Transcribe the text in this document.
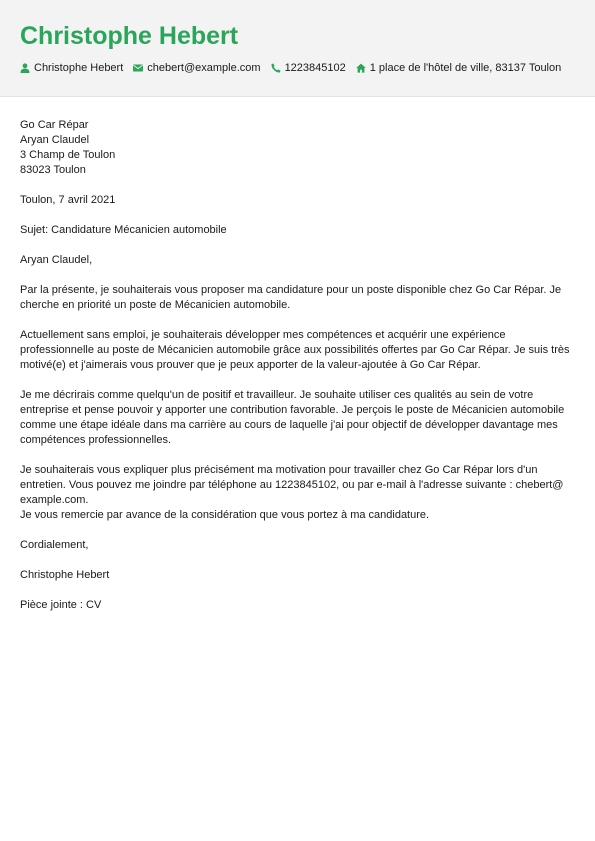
Christophe Hebert
Christophe Hebert chebert@example.com 1223845102 1 place de l'hôtel de ville, 83137 Toulon

Go Car Répar
Aryan Claudel
3 Champ de Toulon
83023 Toulon

Toulon, 7 avril 2021

Sujet: Candidature Mécanicien automobile

Aryan Claudel,

Par la présente, je souhaiterais vous proposer ma candidature pour un poste disponible chez Go Car Répar. Je cherche en priorité un poste de Mécanicien automobile.

Actuellement sans emploi, je souhaiterais développer mes compétences et acquérir une expérience professionnelle au poste de Mécanicien automobile grâce aux possibilités offertes par Go Car Répar. Je suis très motivé(e) et j'aimerais vous prouver que je peux apporter de la valeur-ajoutée à Go Car Répar.

Je me décrirais comme quelqu'un de positif et travailleur. Je souhaite utiliser ces qualités au sein de votre entreprise et pense pouvoir y apporter une contribution favorable. Je perçois le poste de Mécanicien automobile comme une étape idéale dans ma carrière au cours de laquelle j'ai pour objectif de développer davantage mes compétences professionnelles.

Je souhaiterais vous expliquer plus précisément ma motivation pour travailler chez Go Car Répar lors d'un entretien. Vous pouvez me joindre par téléphone au 1223845102, ou par e-mail à l'adresse suivante : chebert@ example.com.
Je vous remercie par avance de la considération que vous portez à ma candidature.

Cordialement,

Christophe Hebert

Pièce jointe : CV
